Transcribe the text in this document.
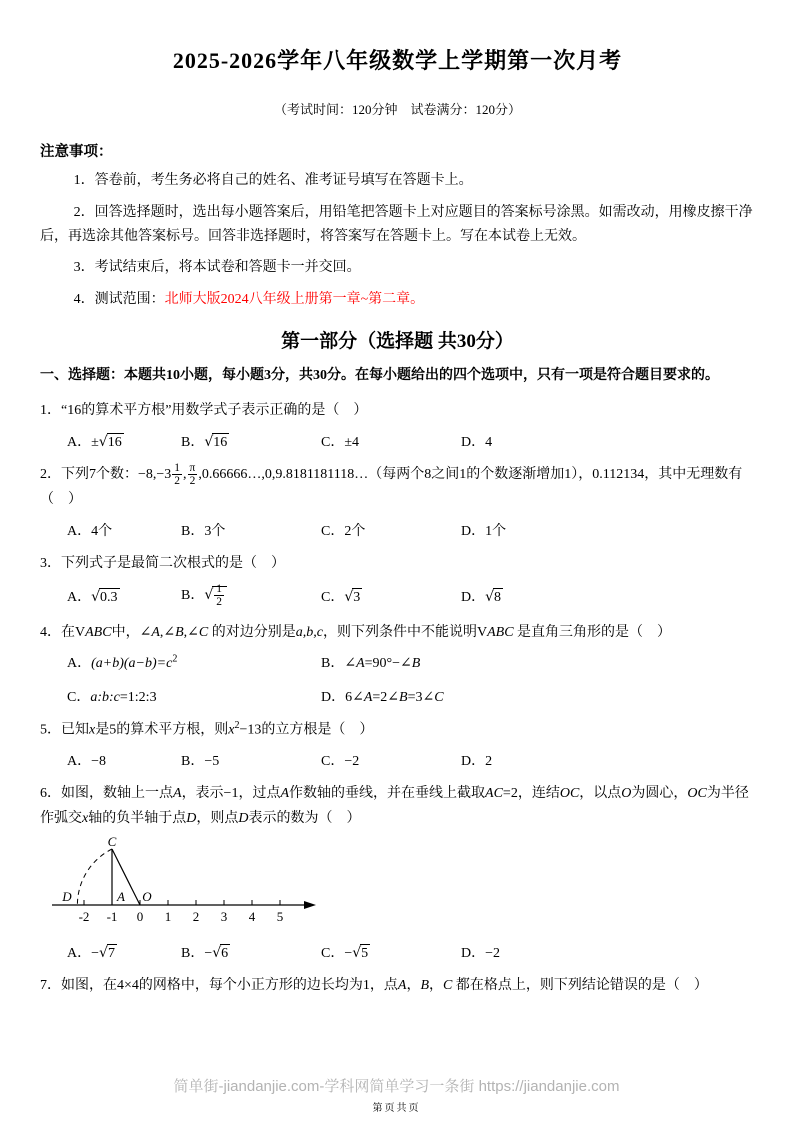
2025-2026学年八年级数学上学期第一次月考
（考试时间：120分钟　试卷满分：120分）
注意事项：
1．答卷前，考生务必将自己的姓名、准考证号填写在答题卡上。
2．回答选择题时，选出每小题答案后，用铅笔把答题卡上对应题目的答案标号涂黑。如需改动，用橡皮擦干净后，再选涂其他答案标号。回答非选择题时，将答案写在答题卡上。写在本试卷上无效。
3．考试结束后，将本试卷和答题卡一并交回。
4．测试范围：北师大版2024八年级上册第一章~第二章。
第一部分（选择题 共30分）
一、选择题：本题共10小题，每小题3分，共30分。在每小题给出的四个选项中，只有一项是符合题目要求的。
1．“16的算术平方根”用数学式子表示正确的是（　）
A．±√16	B．√16	C．±4	D．4
2．下列7个数：$-8,-3 \frac{1}{2}$ , $\frac{\pi}{2}$ ,0.66666…,0,9.8181181118…（每两个8之间1的个数逐渐增加1），0.112134，其中无理数有（　）
A．4个	B．3个	C．2个	D．1个
3．下列式子是最简二次根式的是（　）
A．√0.3	B．√ $\frac{1}{2}$	C．√3	D．√8
4．在VABC中，∠A,∠B,∠C 的对边分别是a,b,c，则下列条件中不能说明VABC 是直角三角形的是（　）
A．$(a+b)(a-b)=c^2$	B．∠A=90°−∠B
C．a:b:c=1:2:3	D．6∠A=2∠B=3∠C
5．已知x是5的算术平方根，则$x^2-13$的立方根是（　）
A．−8	B．−5	C．−2	D．2
6．如图，数轴上一点A，表示−1，过点A作数轴的垂线，并在垂线上截取AC=2，连结OC，以点O为圆心，OC为半径作弧交x轴的负半轴于点D，则点D表示的数为（　）
C
D	A O
-2 -1 0 1 2 3 4 5
A．−√7	B．−√6	C．−√5	D．−2
7．如图，在4×4的网格中，每个小正方形的边长均为1，点A，B，C 都在格点上，则下列结论错误的是（　）
简单街-jiandanjie.com-学科网简单学习一条街 https://jiandanjie.com
第页共页
